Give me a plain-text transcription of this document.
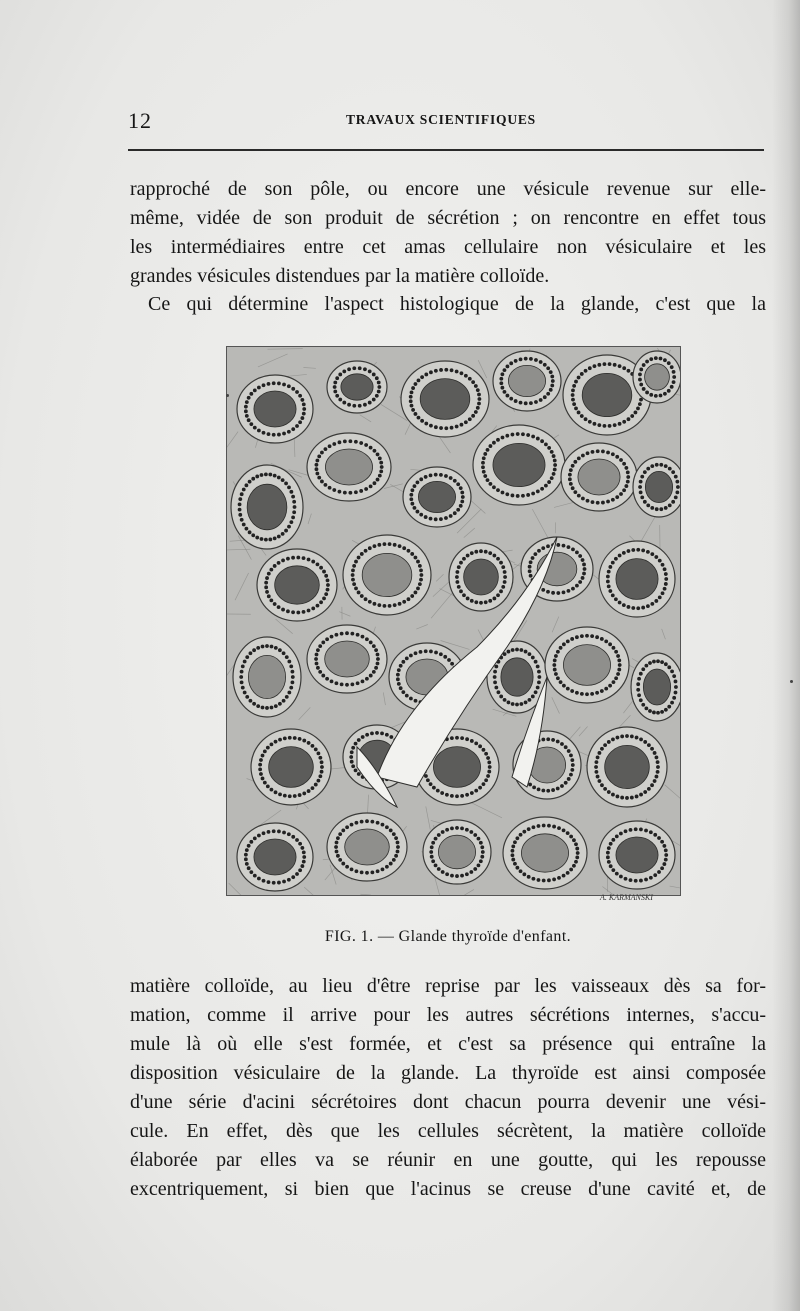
12	TRAVAUX SCIENTIFIQUES
rapproché de son pôle, ou encore une vésicule revenue sur elle-
même, vidée de son produit de sécrétion ; on rencontre en effet tous
les intermédiaires entre cet amas cellulaire non vésiculaire et les
grandes vésicules distendues par la matière colloïde.
Ce qui détermine l'aspect histologique de la glande, c'est que la
A. KARMANSKI
FIG. 1. — Glande thyroïde d'enfant.
matière colloïde, au lieu d'être reprise par les vaisseaux dès sa for-
mation, comme il arrive pour les autres sécrétions internes, s'accu-
mule là où elle s'est formée, et c'est sa présence qui entraîne la
disposition vésiculaire de la glande. La thyroïde est ainsi composée
d'une série d'acini sécrétoires dont chacun pourra devenir une vési-
cule. En effet, dès que les cellules sécrètent, la matière colloïde
élaborée par elles va se réunir en une goutte, qui les repousse
excentriquement, si bien que l'acinus se creuse d'une cavité et, de
